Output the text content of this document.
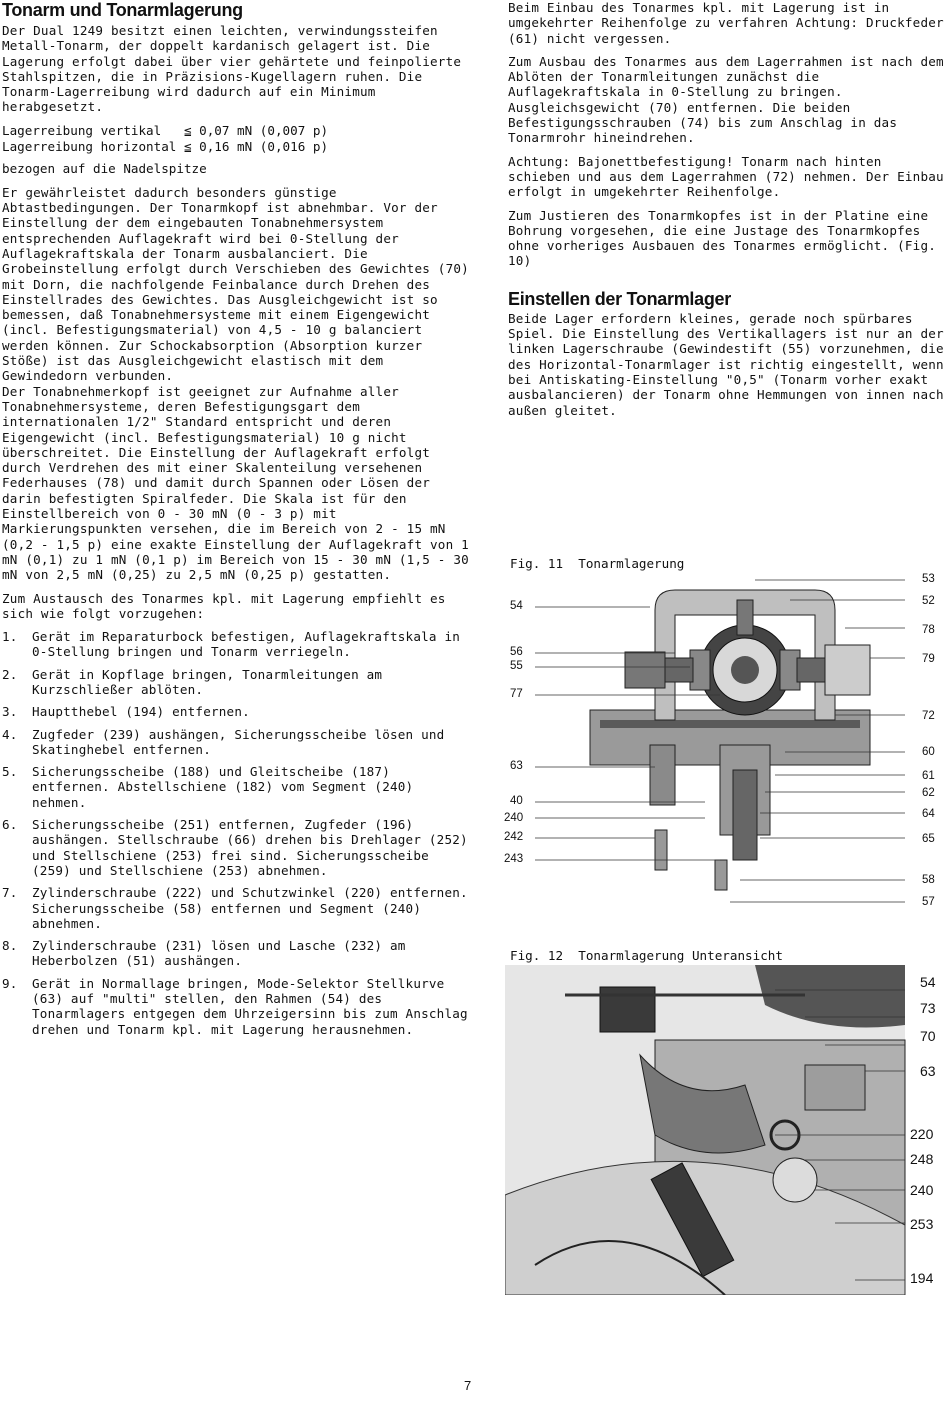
Tonarm und Tonarmlagerung

Der Dual 1249 besitzt einen leichten, verwindungssteifen Metall-Tonarm, der doppelt kardanisch gelagert ist. Die Lagerung erfolgt dabei über vier gehärtete und feinpolierte Stahlspitzen, die in Präzisions-Kugellagern ruhen. Die Tonarm-Lagerreibung wird dadurch auf ein Minimum herabgesetzt.

Lagerreibung vertikal   ≦ 0,07 mN (0,007 p)
Lagerreibung horizontal ≦ 0,16 mN (0,016 p)
bezogen auf die Nadelspitze

Er gewährleistet dadurch besonders günstige Abtastbedingungen. Der Tonarmkopf ist abnehmbar. Vor der Einstellung der dem eingebauten Tonabnehmersystem entsprechenden Auflagekraft wird bei 0-Stellung der Auflagekraftskala der Tonarm ausbalanciert. Die Grobeinstellung erfolgt durch Verschieben des Gewichtes (70) mit Dorn, die nachfolgende Feinbalance durch Drehen des Einstellrades des Gewichtes. Das Ausgleichgewicht ist so bemessen, daß Tonabnehmersysteme mit einem Eigengewicht (incl. Befestigungsmaterial) von 4,5 - 10 g balanciert werden können. Zur Schockabsorption (Absorption kurzer Stöße) ist das Ausgleichgewicht elastisch mit dem Gewindedorn verbunden.

Der Tonabnehmerkopf ist geeignet zur Aufnahme aller Tonabnehmersysteme, deren Befestigungsgart dem internationalen 1/2" Standard entspricht und deren Eigengewicht (incl. Befestigungsmaterial) 10 g nicht überschreitet. Die Einstellung der Auflagekraft erfolgt durch Verdrehen des mit einer Skalenteilung versehenen Federhauses (78) und damit durch Spannen oder Lösen der darin befestigten Spiralfeder. Die Skala ist für den Einstellbereich von 0 - 30 mN (0 - 3 p) mit Markierungspunkten versehen, die im Bereich von 2 - 15 mN (0,2 - 1,5 p) eine exakte Einstellung der Auflagekraft von 1 mN (0,1) zu 1 mN (0,1 p) im Bereich von 15 - 30 mN (1,5 - 30 mN von 2,5 mN (0,25) zu 2,5 mN (0,25 p) gestatten.

Zum Austausch des Tonarmes kpl. mit Lagerung empfiehlt es sich wie folgt vorzugehen:

1. Gerät im Reparaturbock befestigen, Auflagekraftskala in 0-Stellung bringen und Tonarm verriegeln.
2. Gerät in Kopflage bringen, Tonarmleitungen am Kurzschließer ablöten.
3. Hauptthebel (194) entfernen.
4. Zugfeder (239) aushängen, Sicherungsscheibe lösen und Skatinghebel entfernen.
5. Sicherungsscheibe (188) und Gleitscheibe (187) entfernen. Abstellschiene (182) vom Segment (240) nehmen.
6. Sicherungsscheibe (251) entfernen, Zugfeder (196) aushängen. Stellschraube (66) drehen bis Drehlager (252) und Stellschiene (253) frei sind. Sicherungsscheibe (259) und Stellschiene (253) abnehmen.
7. Zylinderschraube (222) und Schutzwinkel (220) entfernen. Sicherungsscheibe (58) entfernen und Segment (240) abnehmen.
8. Zylinderschraube (231) lösen und Lasche (232) am Heberbolzen (51) aushängen.
9. Gerät in Normallage bringen, Mode-Selektor Stellkurve (63) auf "multi" stellen, den Rahmen (54) des Tonarmlagers entgegen dem Uhrzeigersinn bis zum Anschlag drehen und Tonarm kpl. mit Lagerung herausnehmen.

Beim Einbau des Tonarmes kpl. mit Lagerung ist in umgekehrter Reihenfolge zu verfahren Achtung: Druckfeder (61) nicht vergessen.

Zum Ausbau des Tonarmes aus dem Lagerrahmen ist nach dem Ablöten der Tonarmleitungen zunächst die Auflagekraftskala in 0-Stellung zu bringen. Ausgleichsgewicht (70) entfernen. Die beiden Befestigungsschrauben (74) bis zum Anschlag in das Tonarmrohr hineindrehen.

Achtung: Bajonettbefestigung! Tonarm nach hinten schieben und aus dem Lagerrahmen (72) nehmen. Der Einbau erfolgt in umgekehrter Reihenfolge.

Zum Justieren des Tonarmkopfes ist in der Platine eine Bohrung vorgesehen, die eine Justage des Tonarmkopfes ohne vorheriges Ausbauen des Tonarmes ermöglicht. (Fig. 10)

Einstellen der Tonarmlager

Beide Lager erfordern kleines, gerade noch spürbares Spiel. Die Einstellung des Vertikallagers ist nur an der linken Lagerschraube (Gewindestift (55) vorzunehmen, die des Horizontal-Tonarmlager ist richtig eingestellt, wenn bei Antiskating-Einstellung "0,5" (Tonarm vorher exakt ausbalancieren) der Tonarm ohne Hemmungen von innen nach außen gleitet.

Fig. 11  Tonarmlagerung
54
56
55
77
63
40
240
242
243
53
52
78
79
72
60
61
62
64
65
58
57
Fig. 12  Tonarmlagerung Unteransicht
54
73
70
63
220
248
240
253
194
7
